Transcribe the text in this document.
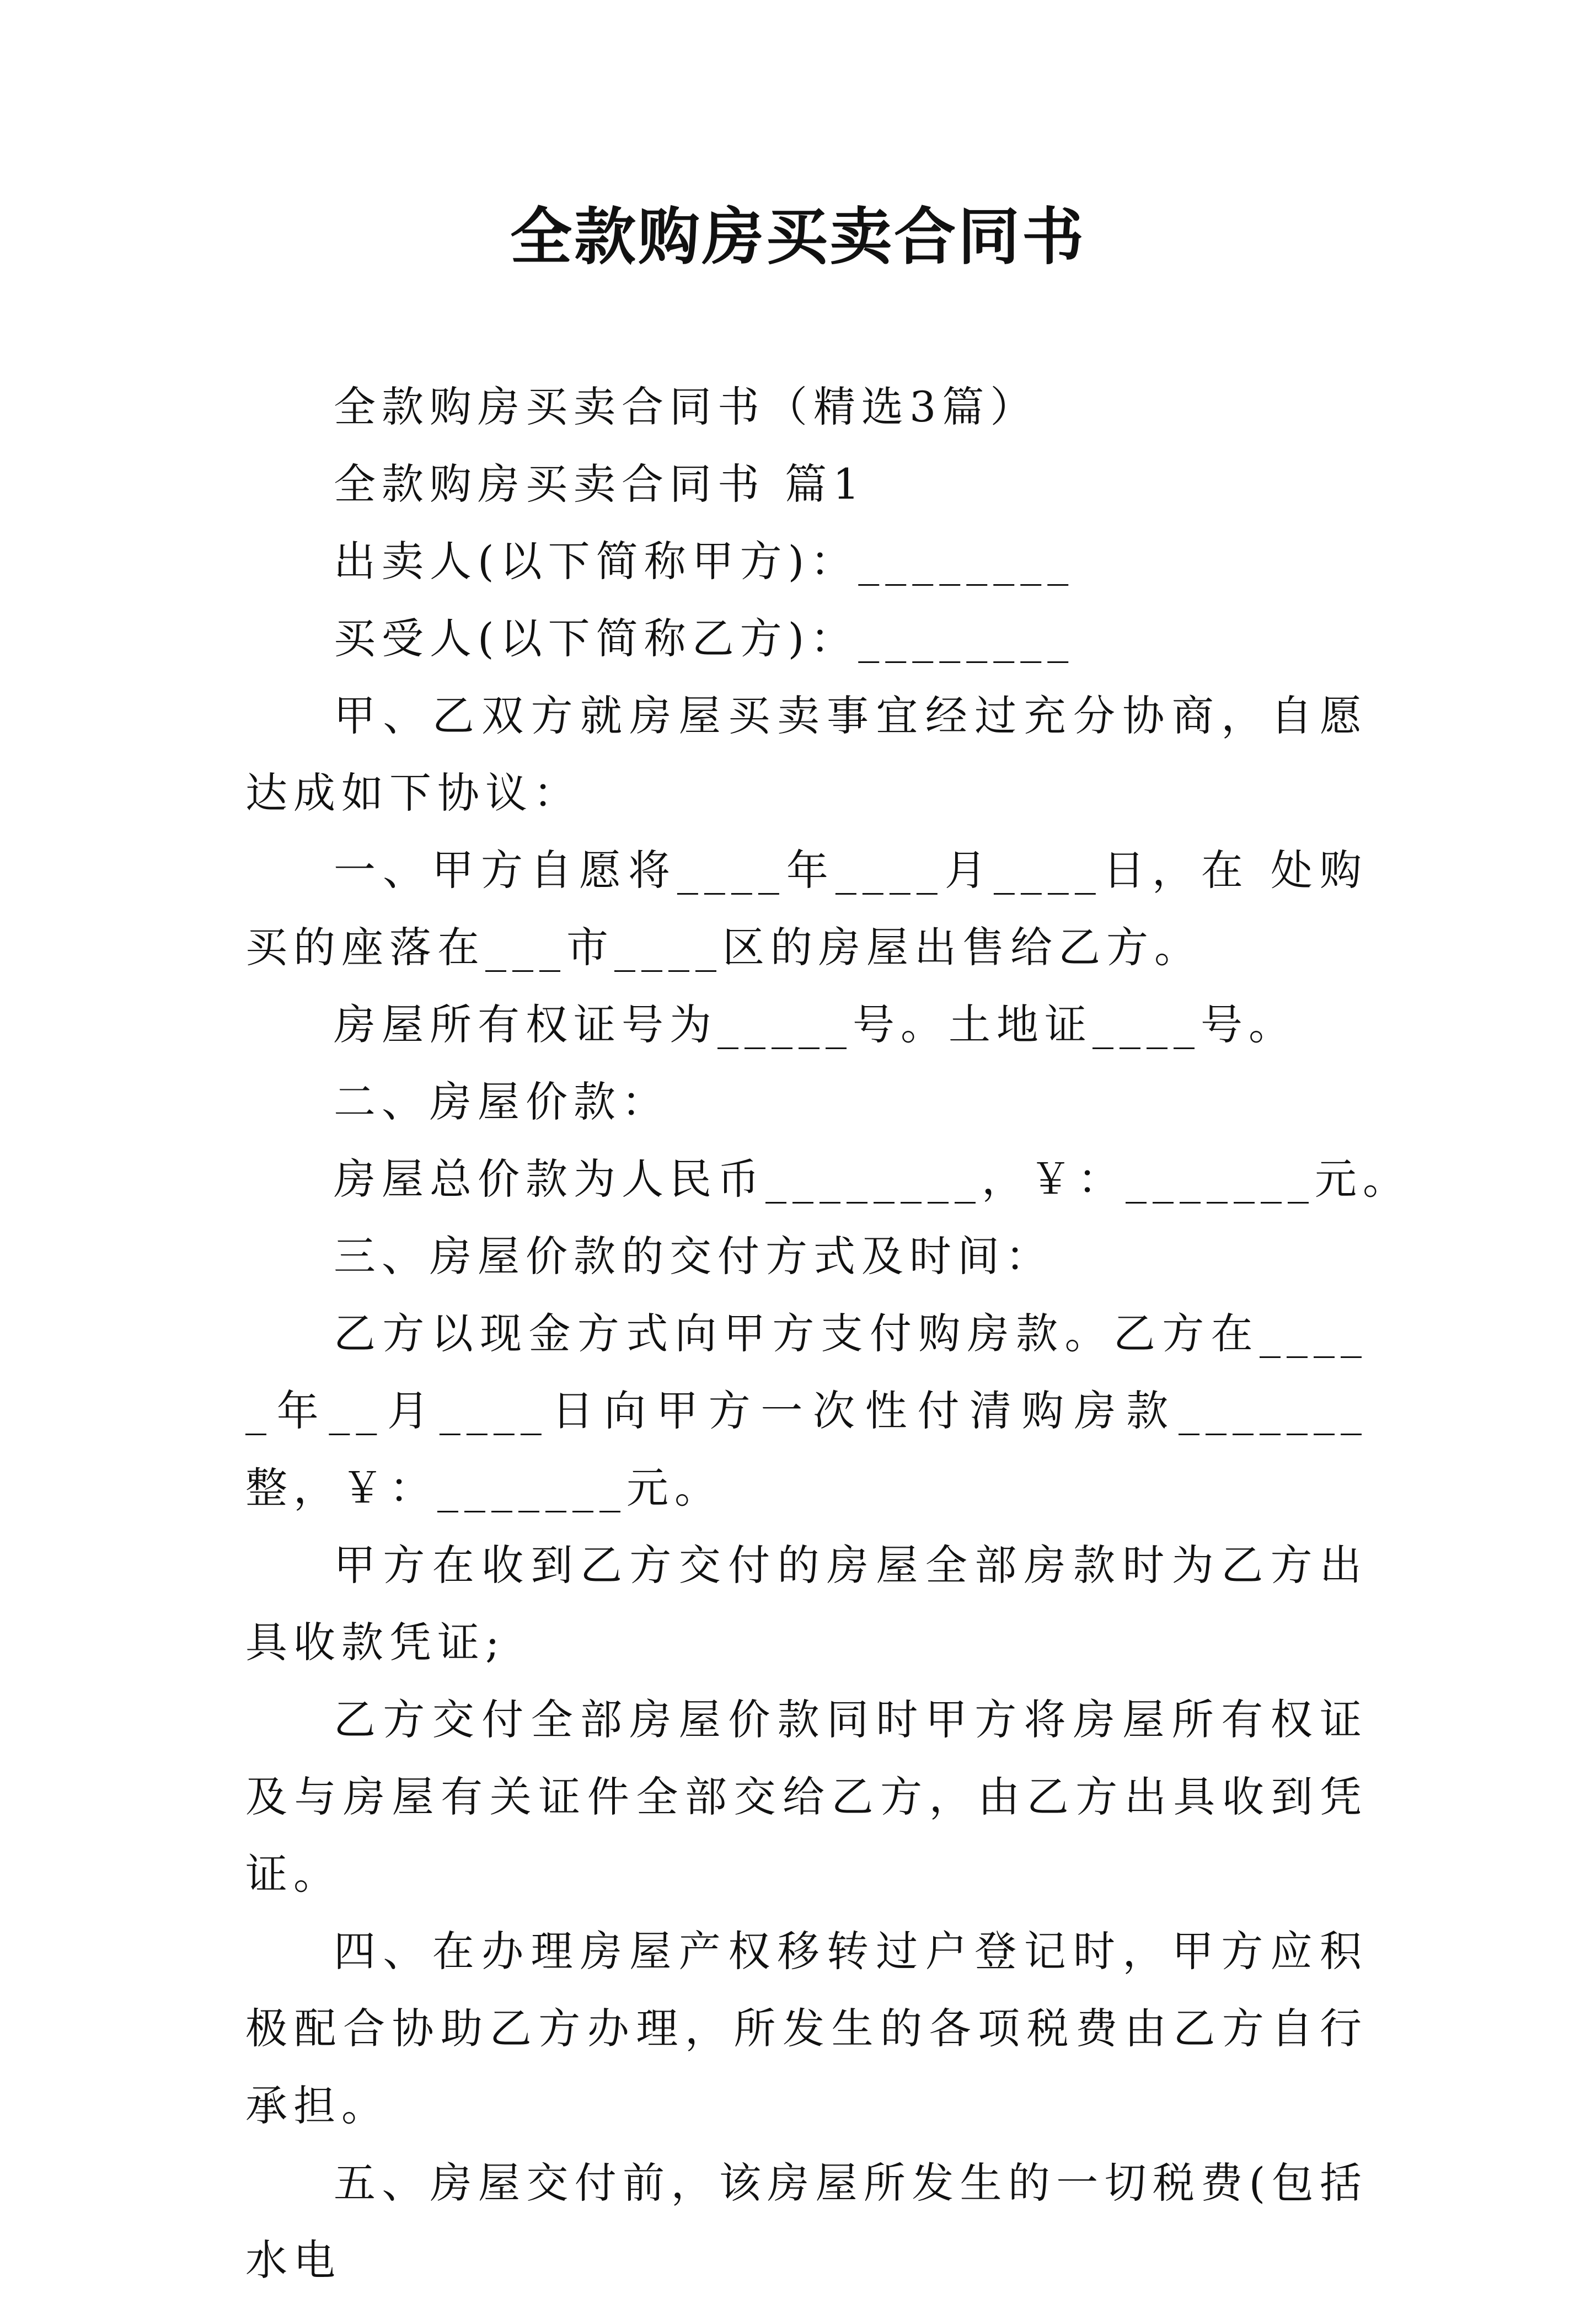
全款购房买卖合同书

全款购房买卖合同书（精选3篇）

全款购房买卖合同书 篇1

出卖人(以下简称甲方)：________

买受人(以下简称乙方)：________

甲、乙双方就房屋买卖事宜经过充分协商，自愿达成如下协议：

一、甲方自愿将____年____月____日，在 处购买的座落在___市____区的房屋出售给乙方。

房屋所有权证号为_____号。土地证____号。

二、房屋价款：

房屋总价款为人民币________，￥：_______元。

三、房屋价款的交付方式及时间：

乙方以现金方式向甲方支付购房款。乙方在_____年__月____日向甲方一次性付清购房款_______整，￥：_______元。

甲方在收到乙方交付的房屋全部房款时为乙方出具收款凭证;

乙方交付全部房屋价款同时甲方将房屋所有权证及与房屋有关证件全部交给乙方，由乙方出具收到凭证。

四、在办理房屋产权移转过户登记时，甲方应积极配合协助乙方办理，所发生的各项税费由乙方自行承担。

五、房屋交付前，该房屋所发生的一切税费(包括水电
